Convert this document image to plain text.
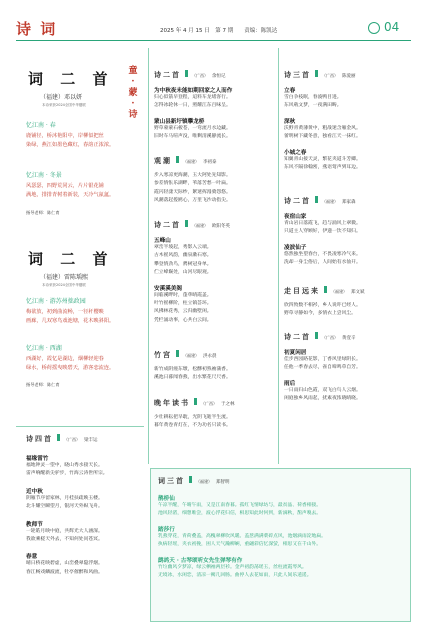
诗 词	2025 年 4 月 15 日　第 7 期　　责编：陈凯达	04
词 二 首
（福建）邓以妍
本诗荣获2024全国中华楹联
童
·
蒙
·
诗
忆江南 · 春
鹿铺径，桥沐艳阳中，岸柳似把丝
染绿，燕江如墨色藏红，春韵正浓浓。
忆江南 · 冬景
风瑟瑟，四野荒同云，片片银花铺
满地，排排青树着新装，天冷气氤氲。
指导老师：陈仁育
词 二 首
（福建）雷陈瑀熙
本诗荣获2024全国中华楹联
忆江南 · 游苏州拙政园
梅欲放，初到曲流畅，一径秆樱映
画廊，几双寒鸟戏池塘，花木映斜阳。
忆江南 · 西湖
西湖好，霞忆是湖边，烟柳轻迎春
绿水，桥荷摇曳映碧天，游客恋流连。
指导老师：陈仁育
诗四首	（广西） 梁丰运
福缘雷竹
福地钟灵一望中，晓山秀水接天长。
雷声响醒新尖驴步，竹海云涛世所宗。
近中秋
阴雁节序留家林，月桂扶疏映玉楼。
北斗耀空瞬望月，银河天外纵飞舟。
教师节
一轮皓月映中庭，共辉光大人涵深。
我欲乘槎天外去，不知何处问苍冥。
春意
晴日桥花映碧虚，山峦叠翠隐浮烟。
春江畅戏鳞波流，牡亭催醉和风曲。
诗二首	（广西） 余恒记
为中秋夜未能如期回家之人而作
归心似箭早登程，迢料车龙堵客行。
怎得冰轮休一日，照耀江东百味呈。
蒙山县新圩镇攀龙桥
野草蒙蒙石板苍，一弯流月水边藏。
旧时车马喧声没，唯剩清溪静流长。
观潮	（福建） 李初泰
步入寒凉更海潮，玉大阿处先知影。
参差情怅乐湖畔，苇落苦愁一叶扁。
霞闪轻漾天际纱，絮迷挥漫骑怨悠。
风潮落起拨鸥心，万里飞沙动指尖。
诗二首	（福建） 欧阳冬英
五峰山
翠峦半坡起，秀影入云端。
古木摇风韵，幽泉漱石寒。
攀登情劲鸟，骋树冠身单。
伫立峰巅处，山河尽眼观。
安溪溪美阁
间临溪畔时，蓬荜晴霞盖。
叶竹摇柳阶，柱立镇荟环。
风拂林花秀，云归幽墅闲。
凭栏涌动事，心共白云间。
竹宫	（福建） 洪永晨
新竹成阴瘗东墩，松醪初熟袖蒲香。
溪池日暮闻春燕，出水繁花尺尺香。
晚年读书	（广西） 于之林
少壮耕耘把早耽，光阴飞逝半生流。
暮年黄卷青灯在，不为功名只读书。
诗三首	（广西） 陈爱丽
立春
雪白争枝眠，春波鸭目进。
东风载文梦，一夜满田畴。
深秋
沃野青黄薄黄中，粗战迷含雁金风。
蕾明树下藏冬意，独看江天一抹红。
小城之春
知翼青山接天灵，繁花夹道斗芳卿。
东风不隔徐翰密，燕语莺声到耳边。
诗二首	（福建） 郑家森
夜宿山家
青山岩日落霞飞，趋与涌风上翠微。
只道主人穿顾好，伊递一饮不知归。
凌波仙子
悠然独坐望春台，不畏凌寒冷气来。
洗却一身尘俗后，人间始有水仙开。
走目远来	（福建） 郑文斌
欣四致数不相衫，乡人说吓已经人。
野草寻静如今，多情衣上尝风尘。
诗二首	（广西） 黄壹辛
初夏闲居
佳步西园路花影，丁香风里绿阴长。
任他一季春去尽，雀自啼鸣草自芳。
雨后
一日雨归山色霞，双飞白鸟人云烟。
闲庭独乡风雨起，扰素夜浓晓晴晓。
词三首	（福建） 郑智明
鹊桥仙
午凉半醒，午晴午雨，又是江南春暮。孤红飞情绿坊与，最贫晶、荷香相接。
池风轻渚，细想唯尝，波心浮花归信，相思知此时何到，新滴秋，鹊声嗅去。
踏莎行
乳燕穿花，青荷叠盖，高槐翠柳吹风暖。盖葱满满菜碎点风，池烟滴雨淀地扁。
执病轻瑶，夹衣初挽，困人天气瀚柳娴，重翩彩信忆深萤，相思又在千山外。
鹧鸪天 · 古琴颂听女先生弹琴有作
竹垃幽风夕梦凉，绿云栖袖两层衫。金声初韵荡瑶玉，丝柱流霞琴风。
无境冰，水闲恋，清凉一阙几回肠。曲停人去花如雨，只此人间乐逍遥。
